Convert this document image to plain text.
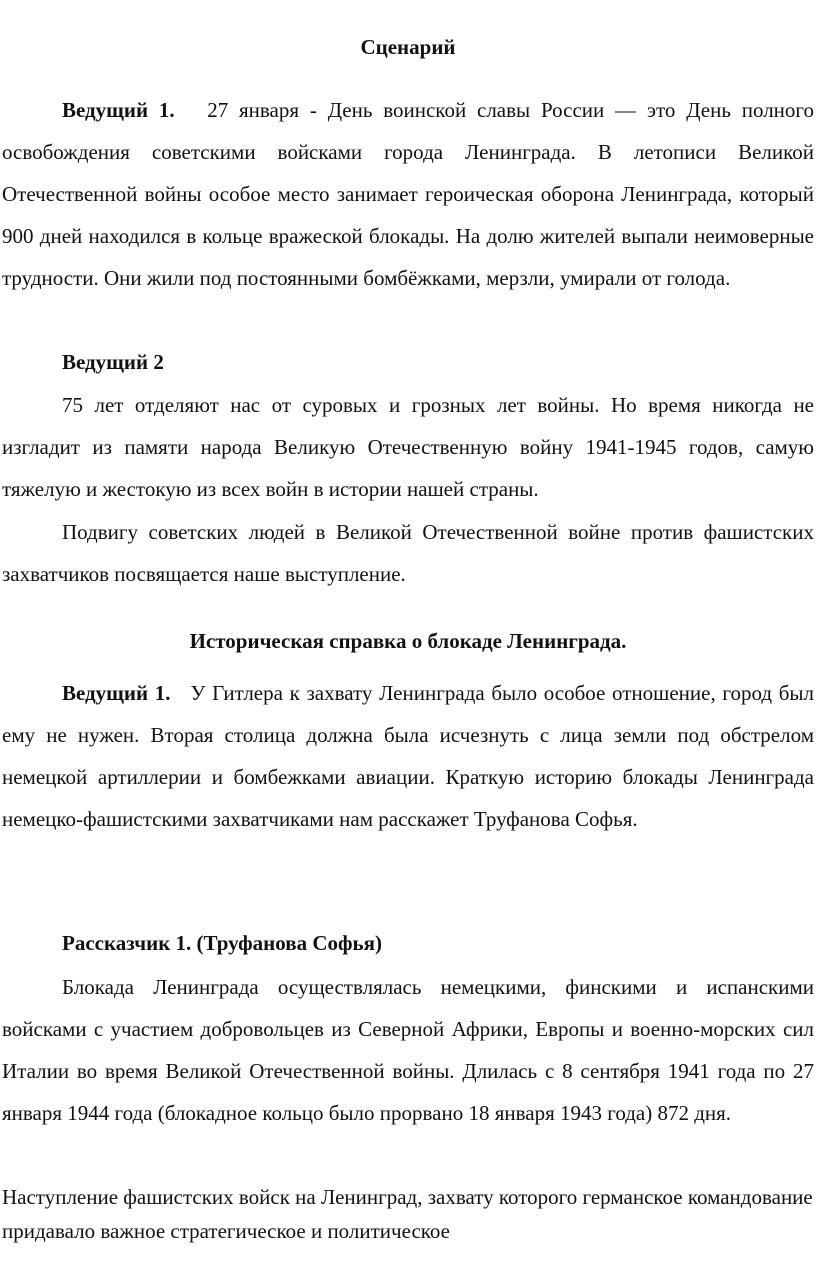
Сценарий

Ведущий 1. 27 января - День воинской славы России — это День полного освобождения советскими войсками города Ленинграда. В летописи Великой Отечественной войны особое место занимает героическая оборона Ленинграда, который 900 дней находился в кольце вражеской блокады. На долю жителей выпали неимоверные трудности. Они жили под постоянными бомбёжками, мерзли, умирали от голода.

Ведущий 2

75 лет отделяют нас от суровых и грозных лет войны. Но время никогда не изгладит из памяти народа Великую Отечественную войну 1941-1945 годов, самую тяжелую и жестокую из всех войн в истории нашей страны.

Подвигу советских людей в Великой Отечественной войне против фашистских захватчиков посвящается наше выступление.

Историческая справка о блокаде Ленинграда.

Ведущий 1. У Гитлера к захвату Ленинграда было особое отношение, город был ему не нужен. Вторая столица должна была исчезнуть с лица земли под обстрелом немецкой артиллерии и бомбежками авиации. Краткую историю блокады Ленинграда немецко-фашистскими захватчиками нам расскажет Труфанова Софья.

Рассказчик 1. (Труфанова Софья)

Блокада Ленинграда осуществлялась немецкими, финскими и испанскими войсками с участием добровольцев из Северной Африки, Европы и военно-морских сил Италии во время Великой Отечественной войны. Длилась с 8 сентября 1941 года по 27 января 1944 года (блокадное кольцо было прорвано 18 января 1943 года) 872 дня.

Наступление фашистских войск на Ленинград, захвату которого германское командование придавало важное стратегическое и политическое
